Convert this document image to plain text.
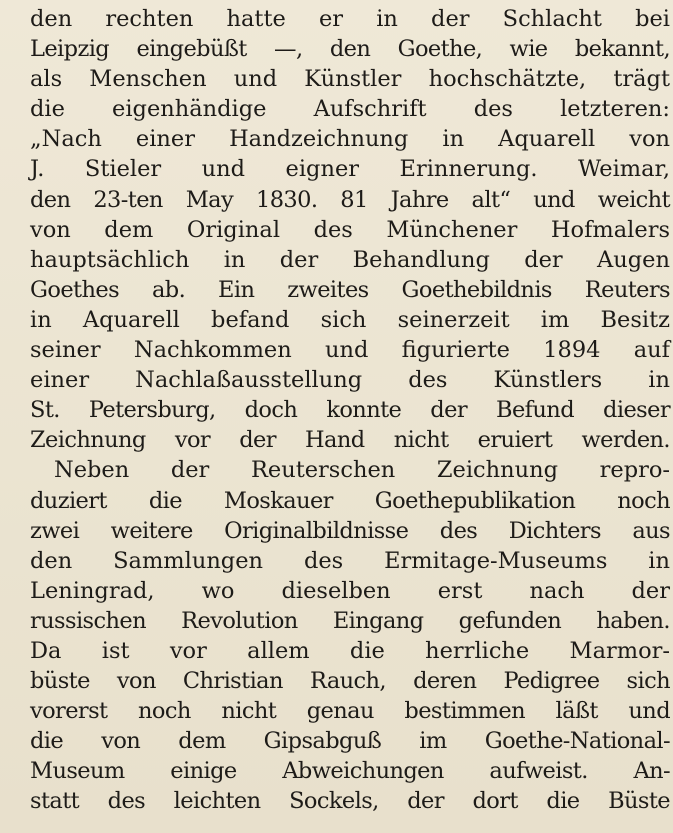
den rechten hatte er in der Schlacht bei
Leipzig eingebüßt —, den Goethe, wie bekannt,
als Menschen und Künstler hochschätzte, trägt
die eigenhändige Aufschrift des letzteren:
„Nach einer Handzeichnung in Aquarell von
J. Stieler und eigner Erinnerung. Weimar,
den 23-ten May 1830. 81 Jahre alt“ und weicht
von dem Original des Münchener Hofmalers
hauptsächlich in der Behandlung der Augen
Goethes ab. Ein zweites Goethebildnis Reuters
in Aquarell befand sich seinerzeit im Besitz
seiner Nachkommen und figurierte 1894 auf
einer Nachlaßausstellung des Künstlers in
St. Petersburg, doch konnte der Befund dieser
Zeichnung vor der Hand nicht eruiert werden.
Neben der Reuterschen Zeichnung repro-
duziert die Moskauer Goethepublikation noch
zwei weitere Originalbildnisse des Dichters aus
den Sammlungen des Ermitage-Museums in
Leningrad, wo dieselben erst nach der
russischen Revolution Eingang gefunden haben.
Da ist vor allem die herrliche Marmor-
büste von Christian Rauch, deren Pedigree sich
vorerst noch nicht genau bestimmen läßt und
die von dem Gipsabguß im Goethe-National-
Museum einige Abweichungen aufweist. An-
statt des leichten Sockels, der dort die Büste
